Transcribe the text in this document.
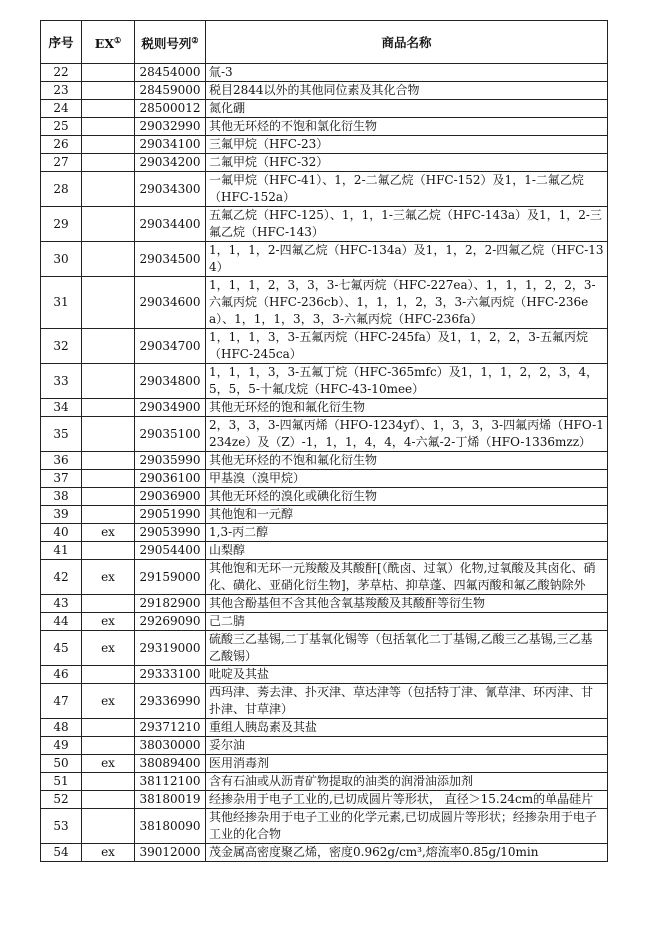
序号	EX①	税则号列②	商品名称
22		28454000	氚-3
23		28459000	税目2844以外的其他同位素及其化合物
24		28500012	氮化硼
25		29032990	其他无环烃的不饱和氯化衍生物
26		29034100	三氟甲烷（HFC-23）
27		29034200	二氟甲烷（HFC-32）
28		29034300	一氟甲烷（HFC-41）、1，2-二氟乙烷（HFC-152）及1，1-二氟乙烷（HFC-152a）
29		29034400	五氟乙烷（HFC-125）、1，1，1-三氟乙烷（HFC-143a）及1，1，2-三氟乙烷（HFC-143）
30		29034500	1，1，1，2-四氟乙烷（HFC-134a）及1，1，2，2-四氟乙烷（HFC-134）
31		29034600	1，1，1，2，3，3，3-七氟丙烷（HFC-227ea）、1，1，1，2，2，3-六氟丙烷（HFC-236cb）、1，1，1，2，3，3-六氟丙烷（HFC-236ea）、1，1，1，3，3，3-六氟丙烷（HFC-236fa）
32		29034700	1，1，1，3，3-五氟丙烷（HFC-245fa）及1，1，2，2，3-五氟丙烷（HFC-245ca）
33		29034800	1，1，1，3，3-五氟丁烷（HFC-365mfc）及1，1，1，2，2，3，4，5，5，5-十氟戊烷（HFC-43-10mee）
34		29034900	其他无环烃的饱和氟化衍生物
35		29035100	2，3，3，3-四氟丙烯（HFO-1234yf）、1，3，3，3-四氟丙烯（HFO-1234ze）及（Z）-1，1，1，4，4，4-六氟-2-丁烯（HFO-1336mzz）
36		29035990	其他无环烃的不饱和氟化衍生物
37		29036100	甲基溴（溴甲烷）
38		29036900	其他无环烃的溴化或碘化衍生物
39		29051990	其他饱和一元醇
40	ex	29053990	1,3-丙二醇
41		29054400	山梨醇
42	ex	29159000	其他饱和无环一元羧酸及其酸酐[（酰卤、过氧）化物,过氧酸及其卤化、硝化、磺化、亚硝化衍生物]，茅草枯、抑草蓬、四氟丙酸和氟乙酸钠除外
43		29182900	其他含酚基但不含其他含氧基羧酸及其酸酐等衍生物
44	ex	29269090	己二腈
45	ex	29319000	硫酸三乙基锡,二丁基氧化锡等（包括氧化二丁基锡,乙酸三乙基锡,三乙基乙酸锡）
46		29333100	吡啶及其盐
47	ex	29336990	西玛津、莠去津、扑灭津、草达津等（包括特丁津、氰草津、环丙津、甘扑津、甘草津）
48		29371210	重组人胰岛素及其盐
49		38030000	妥尔油
50	ex	38089400	医用消毒剂
51		38112100	含有石油或从沥青矿物提取的油类的润滑油添加剂
52		38180019	经掺杂用于电子工业的,已切成圆片等形状， 直径＞15.24cm的单晶硅片
53		38180090	其他经掺杂用于电子工业的化学元素,已切成圆片等形状；经掺杂用于电子工业的化合物
54	ex	39012000	茂金属高密度聚乙烯，密度0.962g/cm³,熔流率0.85g/10min
